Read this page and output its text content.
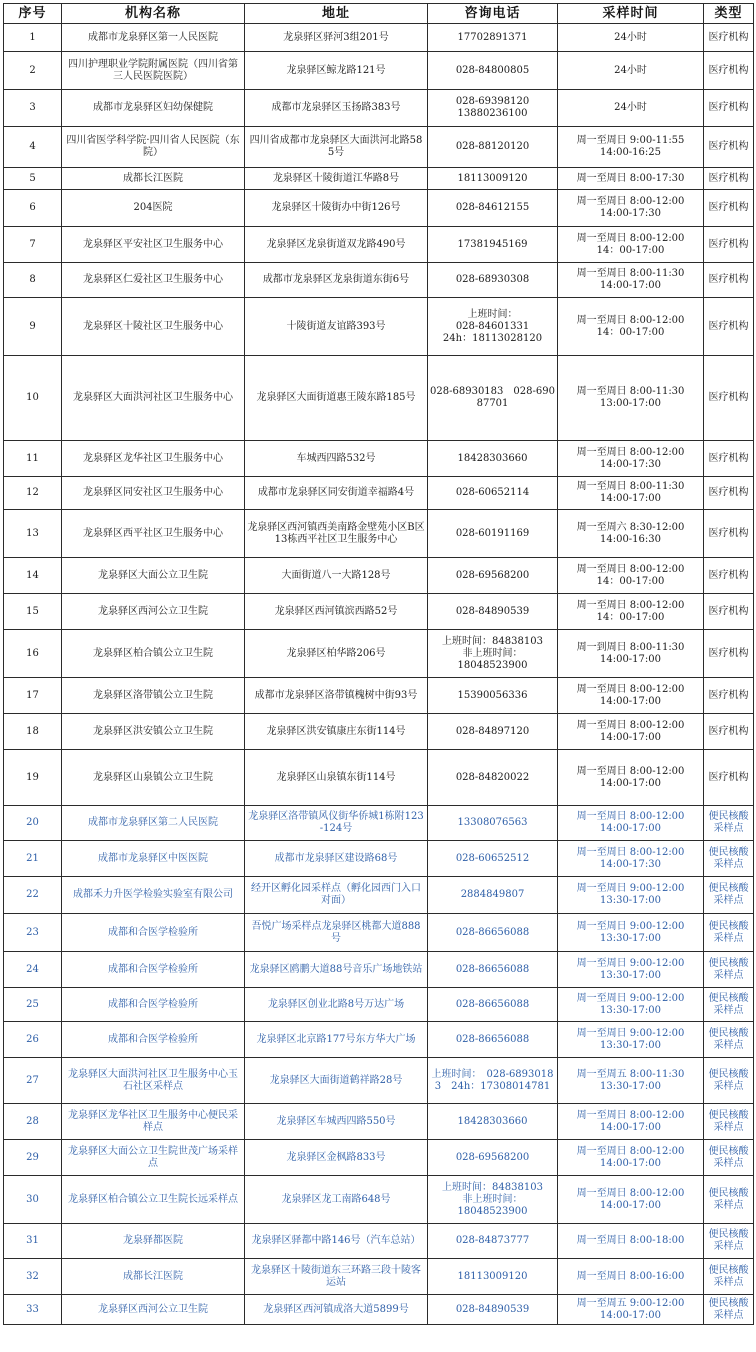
序号	机构名称	地址	咨询电话	采样时间	类型
1	成都市龙泉驿区第一人民医院	龙泉驿区驿河3组201号	17702891371	24小时	医疗机构
2	四川护理职业学院附属医院（四川省第三人民医院医院）	龙泉驿区鲸龙路121号	028-84800805	24小时	医疗机构
3	成都市龙泉驿区妇幼保健院	成都市龙泉驿区玉扬路383号	028-69398120
13880236100	24小时	医疗机构
4	四川省医学科学院·四川省人民医院（东院）	四川省成都市龙泉驿区大面洪河北路585号	028-88120120	周一至周日 9:00-11:55
14:00-16:25	医疗机构
5	成都长江医院	龙泉驿区十陵街道江华路8号	18113009120	周一至周日 8:00-17:30	医疗机构
6	204医院	龙泉驿区十陵街办中街126号	028-84612155	周一至周日 8:00-12:00
14:00-17:30	医疗机构
7	龙泉驿区平安社区卫生服务中心	龙泉驿区龙泉街道双龙路490号	17381945169	周一至周日 8:00-12:00
14：00-17:00	医疗机构
8	龙泉驿区仁爱社区卫生服务中心	成都市龙泉驿区龙泉街道东街6号	028-68930308	周一至周日 8:00-11:30
14:00-17:00	医疗机构
9	龙泉驿区十陵社区卫生服务中心	十陵街道友谊路393号	上班时间：
028-84601331
24h：18113028120	周一至周日 8:00-12:00
14：00-17:00	医疗机构
10	龙泉驿区大面洪河社区卫生服务中心	龙泉驿区大面街道惠王陵东路185号	028-68930183　028-69087701	周一至周日 8:00-11:30
13:00-17:00	医疗机构
11	龙泉驿区龙华社区卫生服务中心	车城西四路532号	18428303660	周一至周日 8:00-12:00
14:00-17:30	医疗机构
12	龙泉驿区同安社区卫生服务中心	成都市龙泉驿区同安街道幸福路4号	028-60652114	周一至周日 8:00-11:30
14:00-17:00	医疗机构
13	龙泉驿区西平社区卫生服务中心	龙泉驿区西河镇西美南路金壁苑小区B区13栋西平社区卫生服务中心	028-60191169	周一至周六 8:30-12:00
14:00-16:30	医疗机构
14	龙泉驿区大面公立卫生院	大面街道八一大路128号	028-69568200	周一至周日 8:00-12:00
14：00-17:00	医疗机构
15	龙泉驿区西河公立卫生院	龙泉驿区西河镇滨西路52号	028-84890539	周一至周日 8:00-12:00
14：00-17:00	医疗机构
16	龙泉驿区柏合镇公立卫生院	龙泉驿区柏华路206号	上班时间：84838103
非上班时间：
18048523900	周一到周日 8:00-11:30
14:00-17:00	医疗机构
17	龙泉驿区洛带镇公立卫生院	成都市龙泉驿区洛带镇槐树中街93号	15390056336	周一至周日 8:00-12:00
14:00-17:00	医疗机构
18	龙泉驿区洪安镇公立卫生院	龙泉驿区洪安镇康庄东街114号	028-84897120	周一至周日 8:00-12:00
14:00-17:00	医疗机构
19	龙泉驿区山泉镇公立卫生院	龙泉驿区山泉镇东街114号	028-84820022	周一至周日 8:00-12:00
14:00-17:00	医疗机构
20	成都市龙泉驿区第二人民医院	龙泉驿区洛带镇风仪街华侨城1栋附123-124号	13308076563	周一至周日 8:00-12:00
14:00-17:00	便民核酸采样点
21	成都市龙泉驿区中医医院	成都市龙泉驿区建设路68号	028-60652512	周一至周日 8:00-12:00
14:00-17:30	便民核酸采样点
22	成都禾力升医学检验实验室有限公司	经开区孵化园采样点（孵化园西门入口对面）	2884849807	周一至周日 9:00-12:00
13:30-17:00	便民核酸采样点
23	成都和合医学检验所	吾悦广场采样点龙泉驿区桃都大道888号	028-86656088	周一至周日 9:00-12:00
13:30-17:00	便民核酸采样点
24	成都和合医学检验所	龙泉驿区鸥鹏大道88号音乐广场地铁站	028-86656088	周一至周日 9:00-12:00
13:30-17:00	便民核酸采样点
25	成都和合医学检验所	龙泉驿区创业北路8号万达广场	028-86656088	周一至周日 9:00-12:00
13:30-17:00	便民核酸采样点
26	成都和合医学检验所	龙泉驿区北京路177号东方华大广场	028-86656088	周一至周日 9:00-12:00
13:30-17:00	便民核酸采样点
27	龙泉驿区大面洪河社区卫生服务中心玉石社区采样点	龙泉驿区大面街道鹤祥路28号	上班时间：　028-68930183　24h：17308014781	周一至周五 8:00-11:30
13:30-17:00	便民核酸采样点
28	龙泉驿区龙华社区卫生服务中心便民采样点	龙泉驿区车城西四路550号	18428303660	周一至周日 8:00-12:00
14:00-17:00	便民核酸采样点
29	龙泉驿区大面公立卫生院世茂广场采样点	龙泉驿区金枫路833号	028-69568200	周一至周日 8:00-12:00
14:00-17:00	便民核酸采样点
30	龙泉驿区柏合镇公立卫生院长远采样点	龙泉驿区龙工南路648号	上班时间：84838103
非上班时间：
18048523900	周一至周日 8:00-12:00
14:00-17:00	便民核酸采样点
31	龙泉驿都医院	龙泉驿区驿都中路146号（汽车总站）	028-84873777	周一至周日 8:00-18:00	便民核酸采样点
32	成都长江医院	龙泉驿区十陵街道东三环路三段十陵客运站	18113009120	周一至周日 8:00-16:00	便民核酸采样点
33	龙泉驿区西河公立卫生院	龙泉驿区西河镇成洛大道5899号	028-84890539	周一至周五 9:00-12:00
14:00-17:00	便民核酸采样点
